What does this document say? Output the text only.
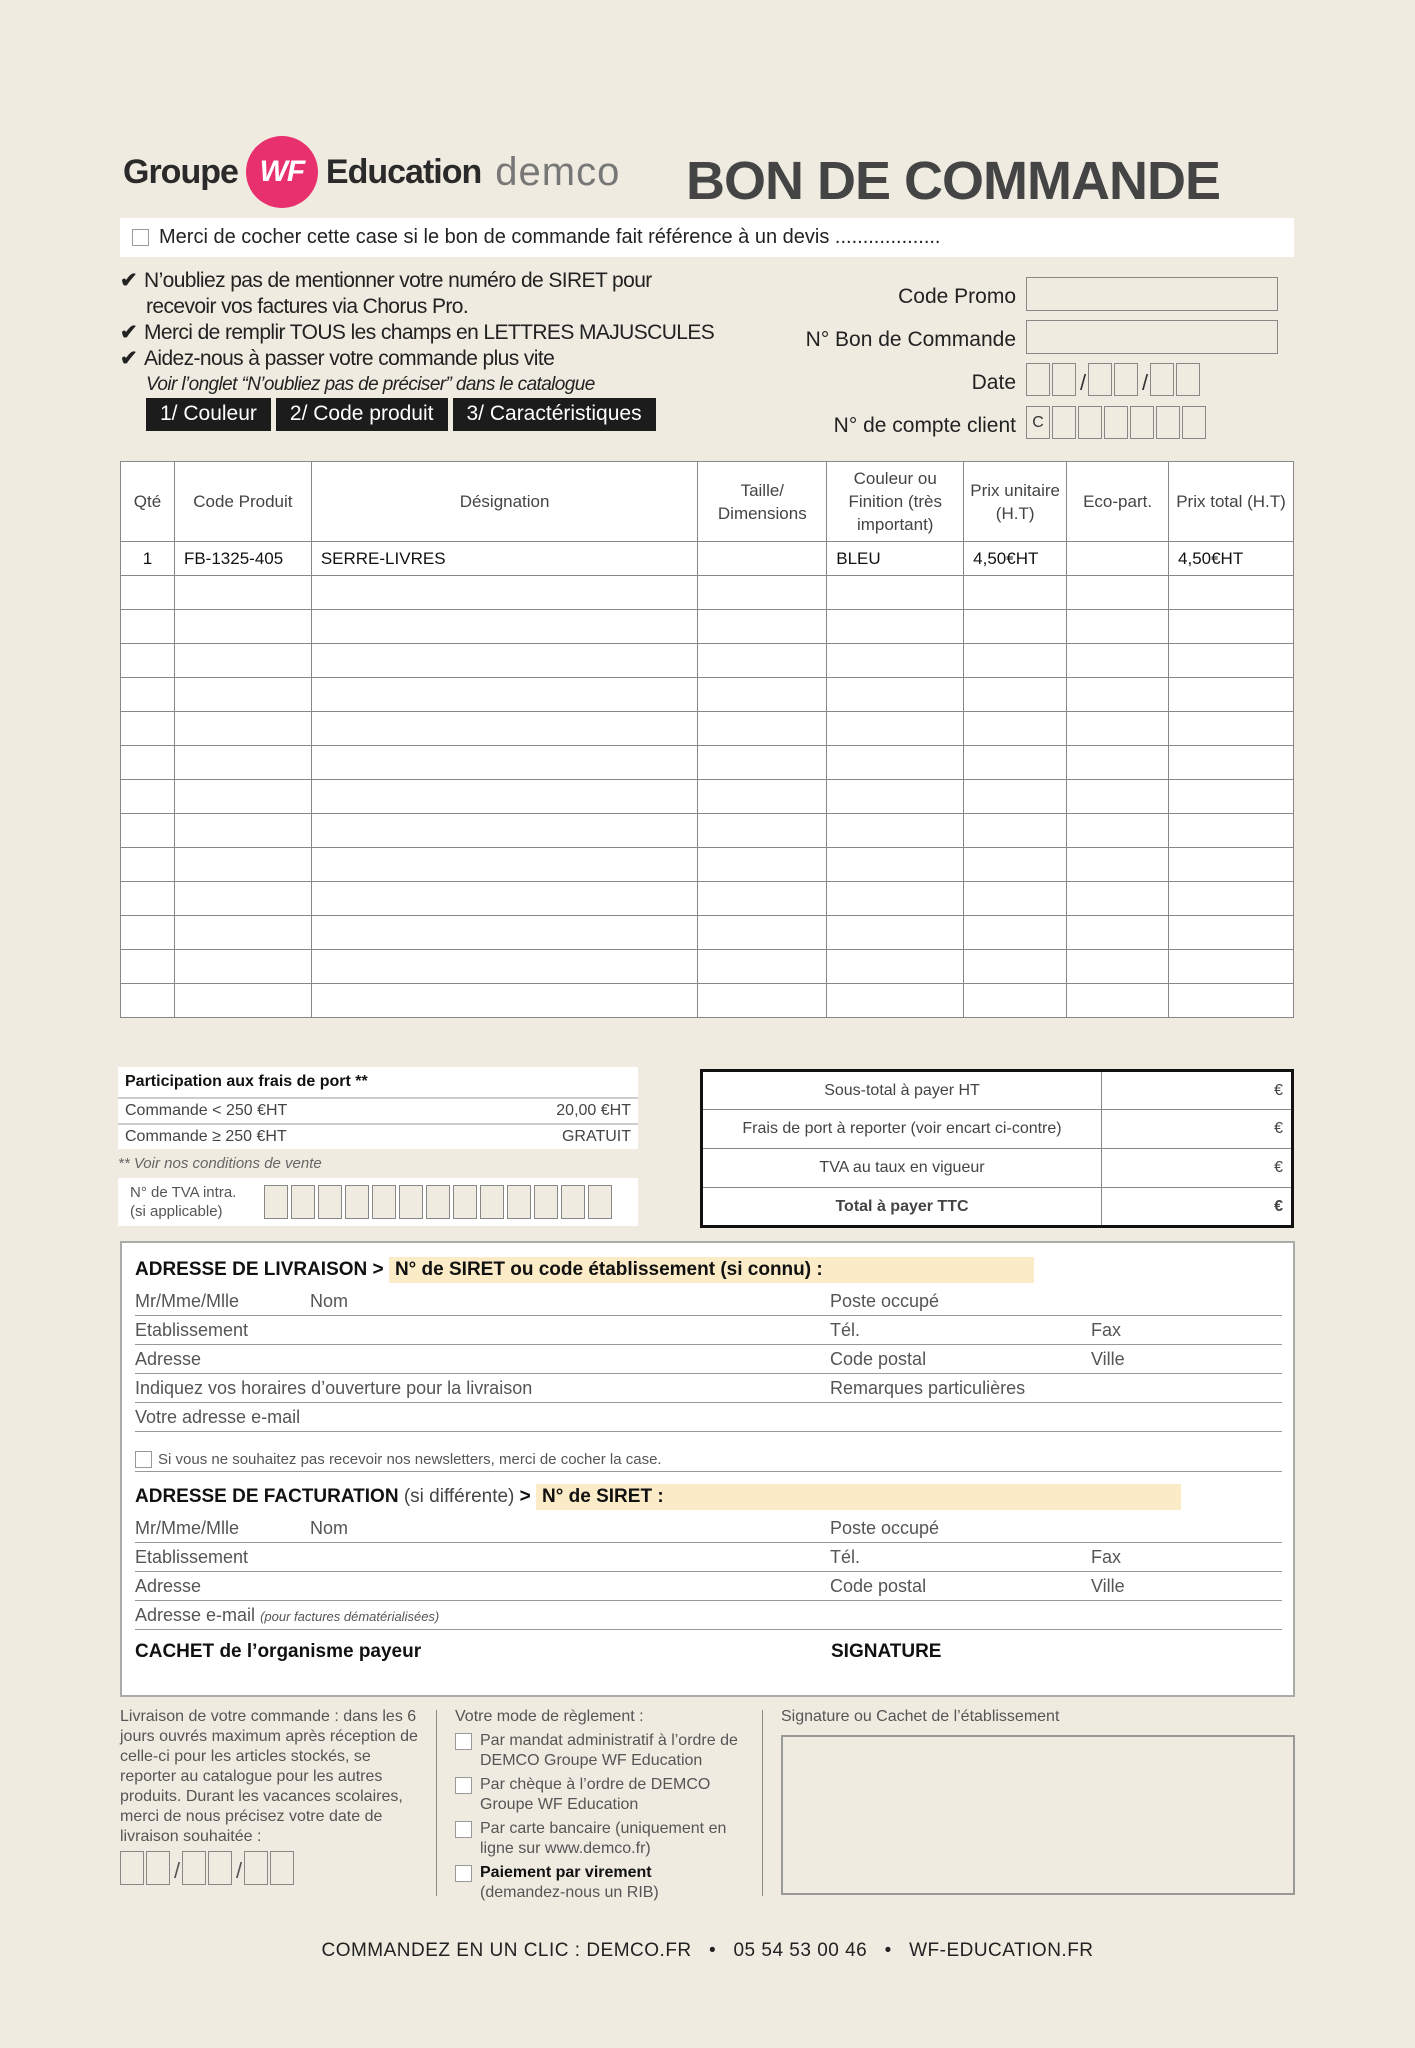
Groupe WF Education demco BON DE COMMANDE
Merci de cocher cette case si le bon de commande fait référence à un devis ...................
✔ N’oubliez pas de mentionner votre numéro de SIRET pour
recevoir vos factures via Chorus Pro.
✔ Merci de remplir TOUS les champs en LETTRES MAJUSCULES
✔ Aidez-nous à passer votre commande plus vite
Voir l’onglet “N’oubliez pas de préciser” dans le catalogue
1/ Couleur	2/ Code produit	3/ Caractéristiques
Code Promo
N° Bon de Commande
Date	/	/
N° de compte client	C
Qté	Code Produit	Désignation	Taille/ Dimensions	Couleur ou Finition (très important)	Prix unitaire (H.T)	Eco-part.	Prix total (H.T)
1	FB-1325-405	SERRE-LIVRES		BLEU	4,50€HT		4,50€HT

Participation aux frais de port **
Commande < 250 €HT	20,00 €HT
Commande ≥ 250 €HT	GRATUIT
** Voir nos conditions de vente
N° de TVA intra.
(si applicable)
Sous-total à payer HT	€
Frais de port à reporter (voir encart ci-contre)	€
TVA au taux en vigueur	€
Total à payer TTC	€
ADRESSE DE LIVRAISON > N° de SIRET ou code établissement (si connu) :
Mr/Mme/Mlle	Nom	Poste occupé
Etablissement	Tél.	Fax
Adresse	Code postal	Ville
Indiquez vos horaires d’ouverture pour la livraison	Remarques particulières
Votre adresse e-mail
Si vous ne souhaitez pas recevoir nos newsletters, merci de cocher la case.
ADRESSE DE FACTURATION (si différente) > N° de SIRET :
Mr/Mme/Mlle	Nom	Poste occupé
Etablissement	Tél.	Fax
Adresse	Code postal	Ville
Adresse e-mail (pour factures dématérialisées)
CACHET de l’organisme payeur	SIGNATURE
Livraison de votre commande : dans les 6 jours ouvrés maximum après réception de celle-ci pour les articles stockés, se reporter au catalogue pour les autres produits. Durant les vacances scolaires, merci de nous précisez votre date de livraison souhaitée :
/	/
Votre mode de règlement :
Par mandat administratif à l’ordre de DEMCO Groupe WF Education
Par chèque à l’ordre de DEMCO Groupe WF Education
Par carte bancaire (uniquement en ligne sur www.demco.fr)
Paiement par virement
(demandez-nous un RIB)
Signature ou Cachet de l’établissement
COMMANDEZ EN UN CLIC : DEMCO.FR   •   05 54 53 00 46   •   WF-EDUCATION.FR
